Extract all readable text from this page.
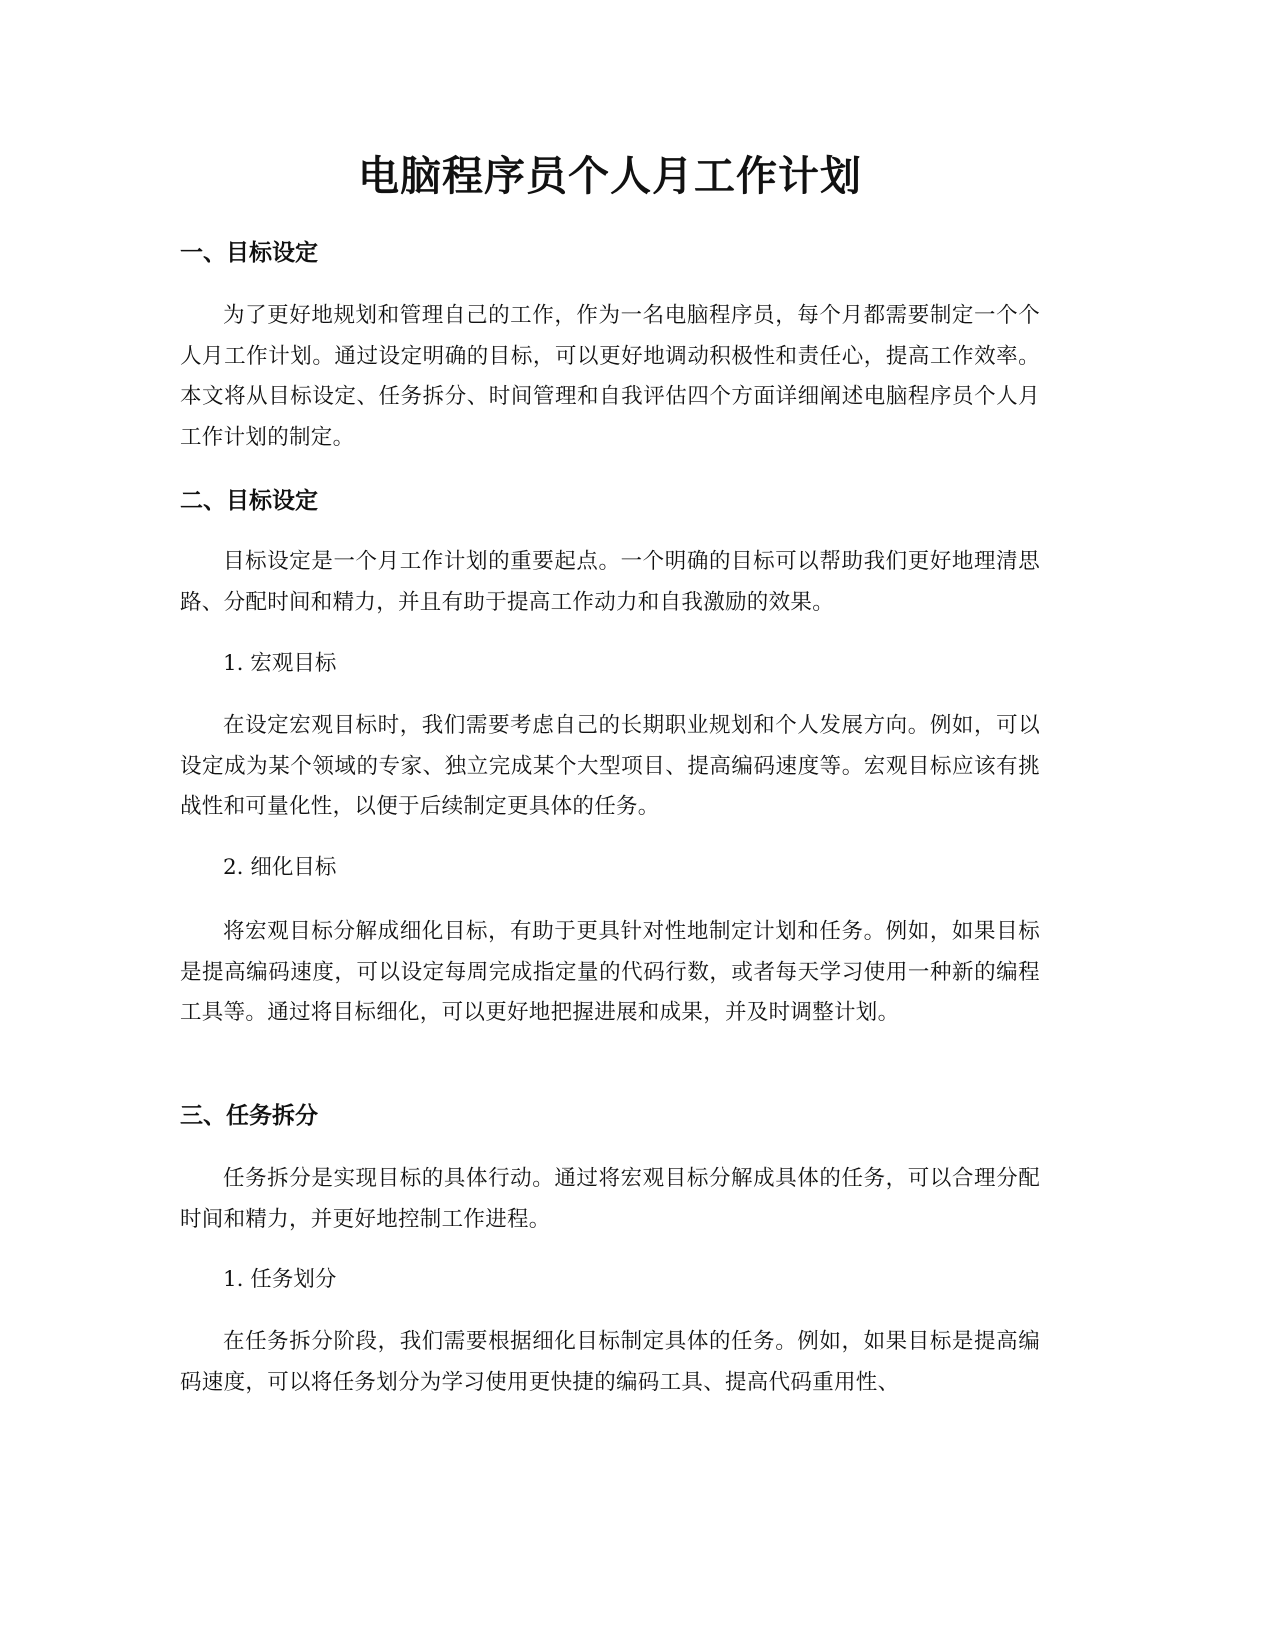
电脑程序员个人月工作计划
一、目标设定

为了更好地规划和管理自己的工作，作为一名电脑程序员，每个月都需要制定一个个人月工作计划。通过设定明确的目标，可以更好地调动积极性和责任心，提高工作效率。本文将从目标设定、任务拆分、时间管理和自我评估四个方面详细阐述电脑程序员个人月工作计划的制定。

二、目标设定

目标设定是一个月工作计划的重要起点。一个明确的目标可以帮助我们更好地理清思路、分配时间和精力，并且有助于提高工作动力和自我激励的效果。

1. 宏观目标

在设定宏观目标时，我们需要考虑自己的长期职业规划和个人发展方向。例如，可以设定成为某个领域的专家、独立完成某个大型项目、提高编码速度等。宏观目标应该有挑战性和可量化性，以便于后续制定更具体的任务。

2. 细化目标

将宏观目标分解成细化目标，有助于更具针对性地制定计划和任务。例如，如果目标是提高编码速度，可以设定每周完成指定量的代码行数，或者每天学习使用一种新的编程工具等。通过将目标细化，可以更好地把握进展和成果，并及时调整计划。

三、任务拆分

任务拆分是实现目标的具体行动。通过将宏观目标分解成具体的任务，可以合理分配时间和精力，并更好地控制工作进程。

1. 任务划分

在任务拆分阶段，我们需要根据细化目标制定具体的任务。例如，如果目标是提高编码速度，可以将任务划分为学习使用更快捷的编码工具、提高代码重用性、
